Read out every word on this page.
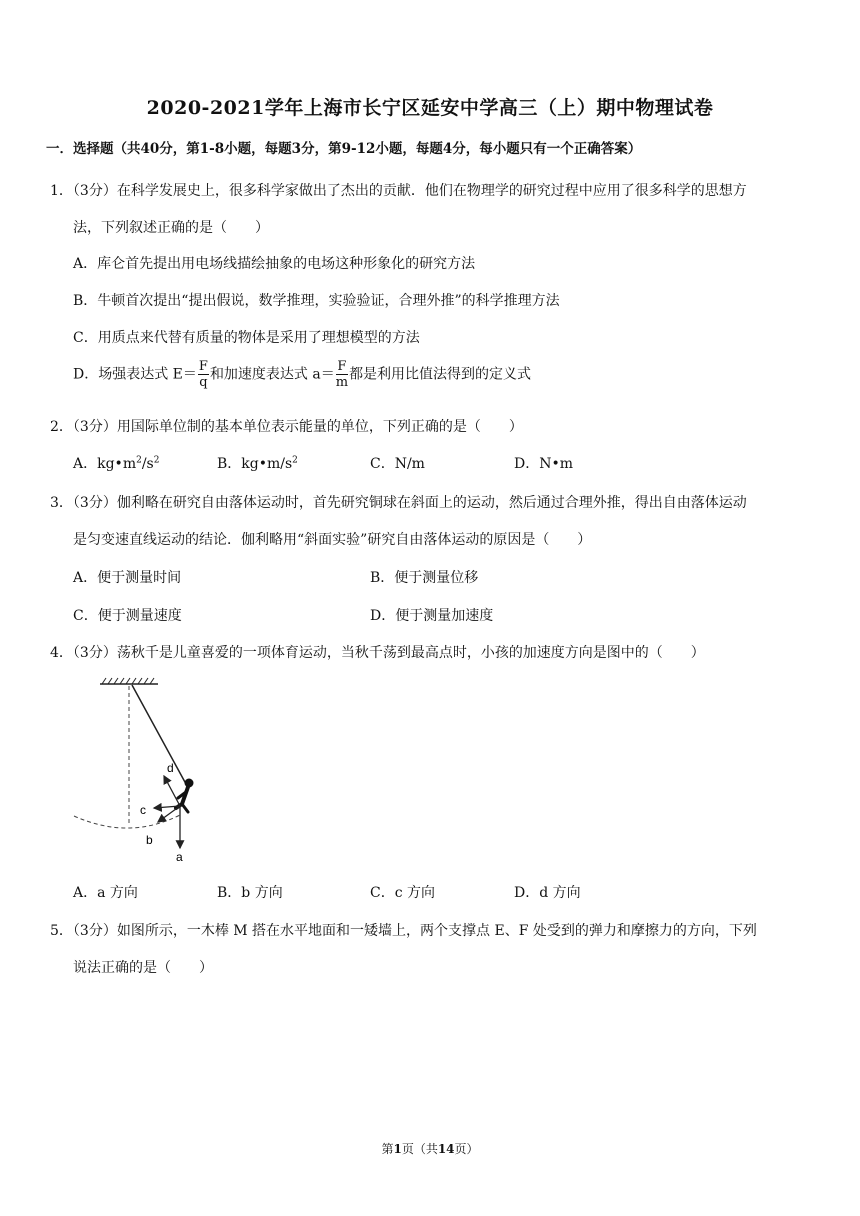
2020-2021学年上海市长宁区延安中学高三（上）期中物理试卷
一．选择题（共40分，第1-8小题，每题3分，第9-12小题，每题4分，每小题只有一个正确答案）
1．（3分）在科学发展史上，很多科学家做出了杰出的贡献．他们在物理学的研究过程中应用了很多科学的思想方
法，下列叙述正确的是（　　）
A．库仑首先提出用电场线描绘抽象的电场这种形象化的研究方法
B．牛顿首次提出“提出假说，数学推理，实验验证，合理外推”的科学推理方法
C．用质点来代替有质量的物体是采用了理想模型的方法
D．场强表达式 $E= \frac{F}{q}$ 和加速度表达式 $a= \frac{F}{m}$ 都是利用比值法得到的定义式
2．（3分）用国际单位制的基本单位表示能量的单位，下列正确的是（　　）
A．$kg•m^2/s^2$	B．$kg•m/s^2$	C．N/m	D．N•m
3．（3分）伽利略在研究自由落体运动时，首先研究铜球在斜面上的运动，然后通过合理外推，得出自由落体运动
是匀变速直线运动的结论．伽利略用“斜面实验”研究自由落体运动的原因是（　　）
A．便于测量时间	B．便于测量位移
C．便于测量速度	D．便于测量加速度
4．（3分）荡秋千是儿童喜爱的一项体育运动，当秋千荡到最高点时，小孩的加速度方向是图中的（　　）
a
b
c
d
A．a 方向	B．b 方向	C．c 方向	D．d 方向
5．（3分）如图所示，一木棒 M 搭在水平地面和一矮墙上，两个支撑点 E、F 处受到的弹力和摩擦力的方向，下列
说法正确的是（　　）
第1页（共14页）
